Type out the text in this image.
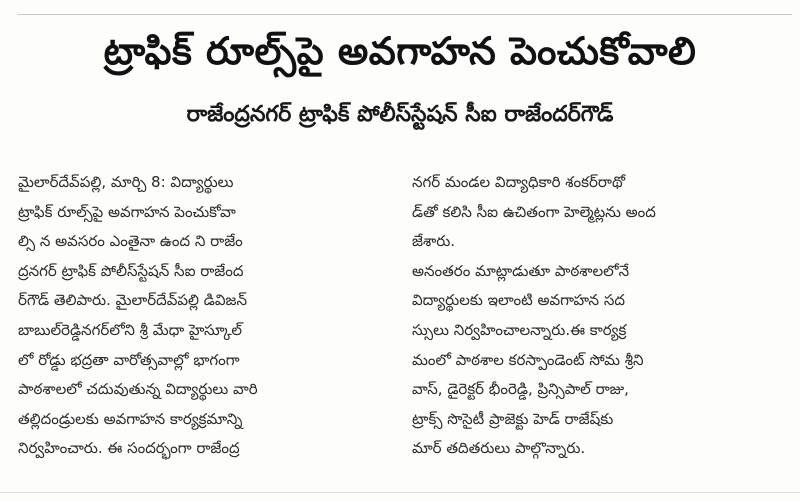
ట్రాఫిక్ రూల్స్‌పై అవగాహన పెంచుకోవాలి
రాజేంద్రనగర్ ట్రాఫిక్ పోలీస్‌స్టేషన్ సీఐ రాజేందర్‌గౌడ్
మైలార్‌దేవ్‌పల్లి, మార్చి 8: విద్యార్థులు
ట్రాఫిక్ రూల్స్‌పై అవగాహన పెంచుకోవా
ల్సి న అవసరం ఎంతైనా ఉంద ని రాజేం
ద్రనగర్ ట్రాఫిక్ పోలీస్‌స్టేషన్ సీఐ రాజేంద
ర్‌గౌడ్ తెలిపారు. మైలార్‌దేవ్‌పల్లి డివిజన్
బాబుల్‌రెడ్డినగర్‌లోని శ్రీ మేధా హైస్కూల్
లో రోడ్డు భద్రతా వారోత్సవాల్లో భాగంగా
పాఠశాలలో చదువుతున్న విద్యార్థులు వారి
తల్లిదండ్రులకు అవగాహన కార్యక్రమాన్ని
నిర్వహించారు. ఈ సందర్భంగా రాజేంద్ర
నగర్ మండల విద్యాధికారి శంకర్‌రాథో
డ్‌తో కలిసి సీఐ ఉచితంగా హెల్మెట్లను అంద
జేశారు.
అనంతరం మాట్లాడుతూ పాఠశాలలోనే
విద్యార్థులకు ఇలాంటి అవగాహన సద
స్సులు నిర్వహించాలన్నారు.ఈ కార్యక్ర
మంలో పాఠశాల కరస్పాండెంట్ సోమ శ్రీని
వాస్, డైరెక్టర్ భీంరెడ్డి, ప్రిన్సిపాల్ రాజు,
ట్రాక్స్ సొసైటీ ప్రాజెక్టు హెడ్ రాజేష్‌కు
మార్ తదితరులు పాల్గొన్నారు.
